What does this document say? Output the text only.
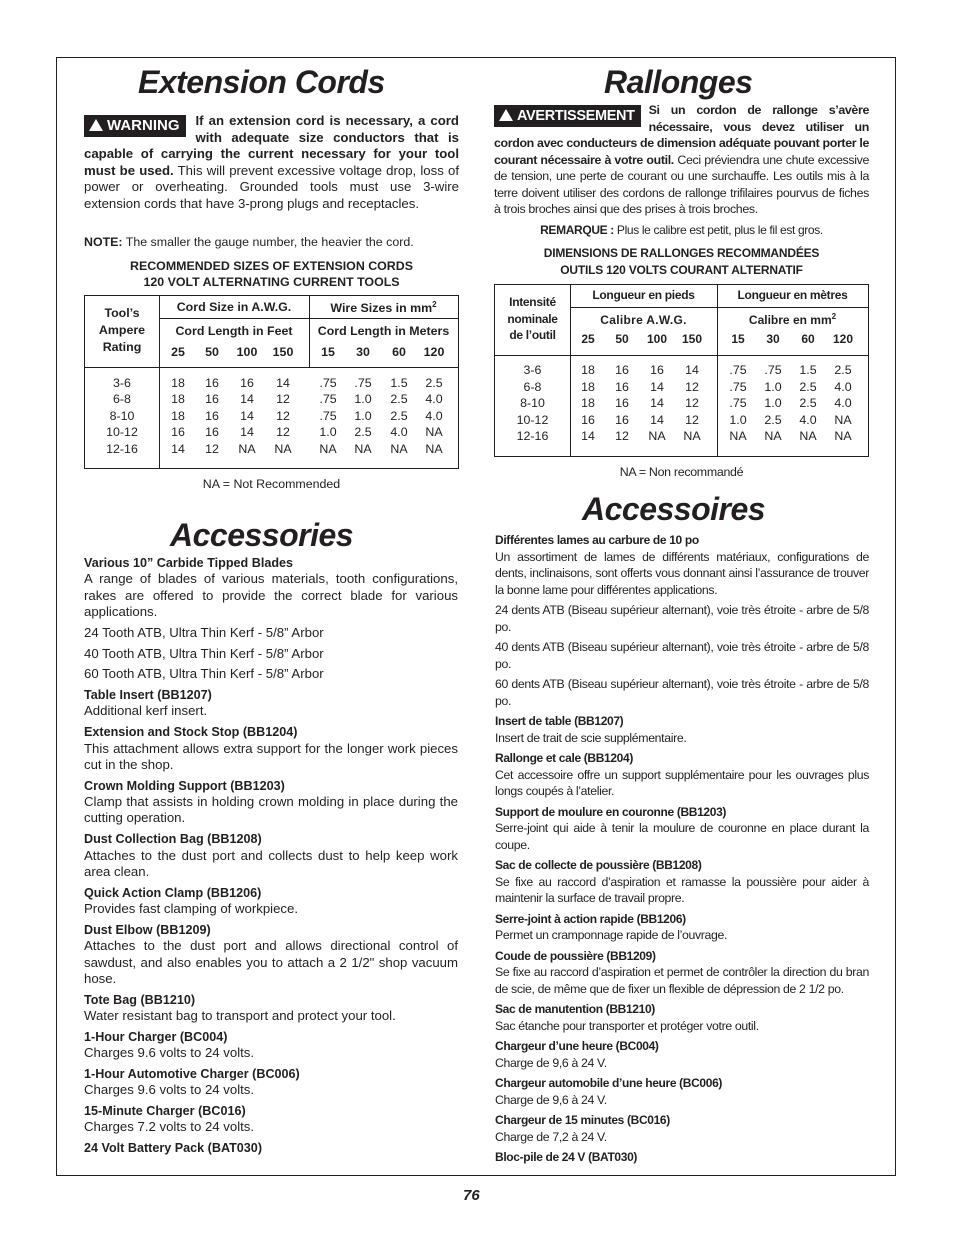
Extension Cords
WARNING	If an extension cord is necessary, a cord with adequate size conductors that is capable of carrying the current necessary for your tool must be used. This will prevent excessive voltage drop, loss of power or overheating. Grounded tools must use 3-wire extension cords that have 3-prong plugs and receptacles.
NOTE: The smaller the gauge number, the heavier the cord.
RECOMMENDED SIZES OF EXTENSION CORDS
120 VOLT ALTERNATING CURRENT TOOLS
Tool’s
Ampere
Rating
Cord Size in A.W.G.	Wire Sizes in $mm^2$
Cord Length in Feet	Cord Length in Meters
25	50	100	150	15	30	60	120
3-6	18	16	16	14	.75	.75	1.5	2.5
6-8	18	16	14	12	.75	1.0	2.5	4.0
8-10	18	16	14	12	.75	1.0	2.5	4.0
10-12	16	16	14	12	1.0	2.5	4.0	NA
12-16	14	12	NA	NA	NA	NA	NA	NA
NA = Not Recommended
Accessories
Various 10” Carbide Tipped Blades
A range of blades of various materials, tooth configurations, rakes are offered to provide the correct blade for various applications.
24 Tooth ATB, Ultra Thin Kerf - 5/8” Arbor
40 Tooth ATB, Ultra Thin Kerf - 5/8” Arbor
60 Tooth ATB, Ultra Thin Kerf - 5/8” Arbor
Table Insert (BB1207)
Additional kerf insert.
Extension and Stock Stop (BB1204)
This attachment allows extra support for the longer work pieces cut in the shop.
Crown Molding Support (BB1203)
Clamp that assists in holding crown molding in place during the cutting operation.
Dust Collection Bag (BB1208)
Attaches to the dust port and collects dust to help keep work area clean.
Quick Action Clamp (BB1206)
Provides fast clamping of workpiece.
Dust Elbow (BB1209)
Attaches to the dust port and allows directional control of sawdust, and also enables you to attach a 2 1/2" shop vacuum hose.
Tote Bag (BB1210)
Water resistant bag to transport and protect your tool.
1-Hour Charger (BC004)
Charges 9.6 volts to 24 volts.
1-Hour Automotive Charger (BC006)
Charges 9.6 volts to 24 volts.
15-Minute Charger (BC016)
Charges 7.2 volts to 24 volts.
24 Volt Battery Pack (BAT030)
Rallonges
AVERTISSEMENT	Si un cordon de rallonge s’avère nécessaire, vous devez utiliser un cordon avec conducteurs de dimension adéquate pouvant porter le courant nécessaire à votre outil. Ceci préviendra une chute excessive de tension, une perte de courant ou une surchauffe. Les outils mis à la terre doivent utiliser des cordons de rallonge trifilaires pourvus de fiches à trois broches ainsi que des prises à trois broches.
REMARQUE : Plus le calibre est petit, plus le fil est gros.
DIMENSIONS DE RALLONGES RECOMMANDÉES
OUTILS 120 VOLTS COURANT ALTERNATIF
Intensité
nominale
de l’outil
Longueur en pieds	Longueur en mètres
Calibre A.W.G.	Calibre en $mm^2$
25	50	100	150	15	30	60	120
3-6	18	16	16	14	.75	.75	1.5	2.5
6-8	18	16	14	12	.75	1.0	2.5	4.0
8-10	18	16	14	12	.75	1.0	2.5	4.0
10-12	16	16	14	12	1.0	2.5	4.0	NA
12-16	14	12	NA	NA	NA	NA	NA	NA
NA = Non recommandé
Accessoires
Différentes lames au carbure de 10 po
Un assortiment de lames de différents matériaux, configurations de dents, inclinaisons, sont offerts vous donnant ainsi l’assurance de trouver la bonne lame pour différentes applications.
24 dents ATB (Biseau supérieur alternant), voie très étroite - arbre de 5/8 po.
40 dents ATB (Biseau supérieur alternant), voie très étroite - arbre de 5/8 po.
60 dents ATB (Biseau supérieur alternant), voie très étroite - arbre de 5/8 po.
Insert de table (BB1207)
Insert de trait de scie supplémentaire.
Rallonge et cale (BB1204)
Cet accessoire offre un support supplémentaire pour les ouvrages plus longs coupés à l’atelier.
Support de moulure en couronne (BB1203)
Serre-joint qui aide à tenir la moulure de couronne en place durant la coupe.
Sac de collecte de poussière (BB1208)
Se fixe au raccord d’aspiration et ramasse la poussière pour aider à maintenir la surface de travail propre.
Serre-joint à action rapide (BB1206)
Permet un cramponnage rapide de l’ouvrage.
Coude de poussière (BB1209)
Se fixe au raccord d’aspiration et permet de contrôler la direction du bran de scie, de même que de fixer un flexible de dépression de 2 1/2 po.
Sac de manutention (BB1210)
Sac étanche pour transporter et protéger votre outil.
Chargeur d’une heure (BC004)
Charge de 9,6 à 24 V.
Chargeur automobile d’une heure (BC006)
Charge de 9,6 à 24 V.
Chargeur de 15 minutes (BC016)
Charge de 7,2 à 24 V.
Bloc-pile de 24 V (BAT030)
76
